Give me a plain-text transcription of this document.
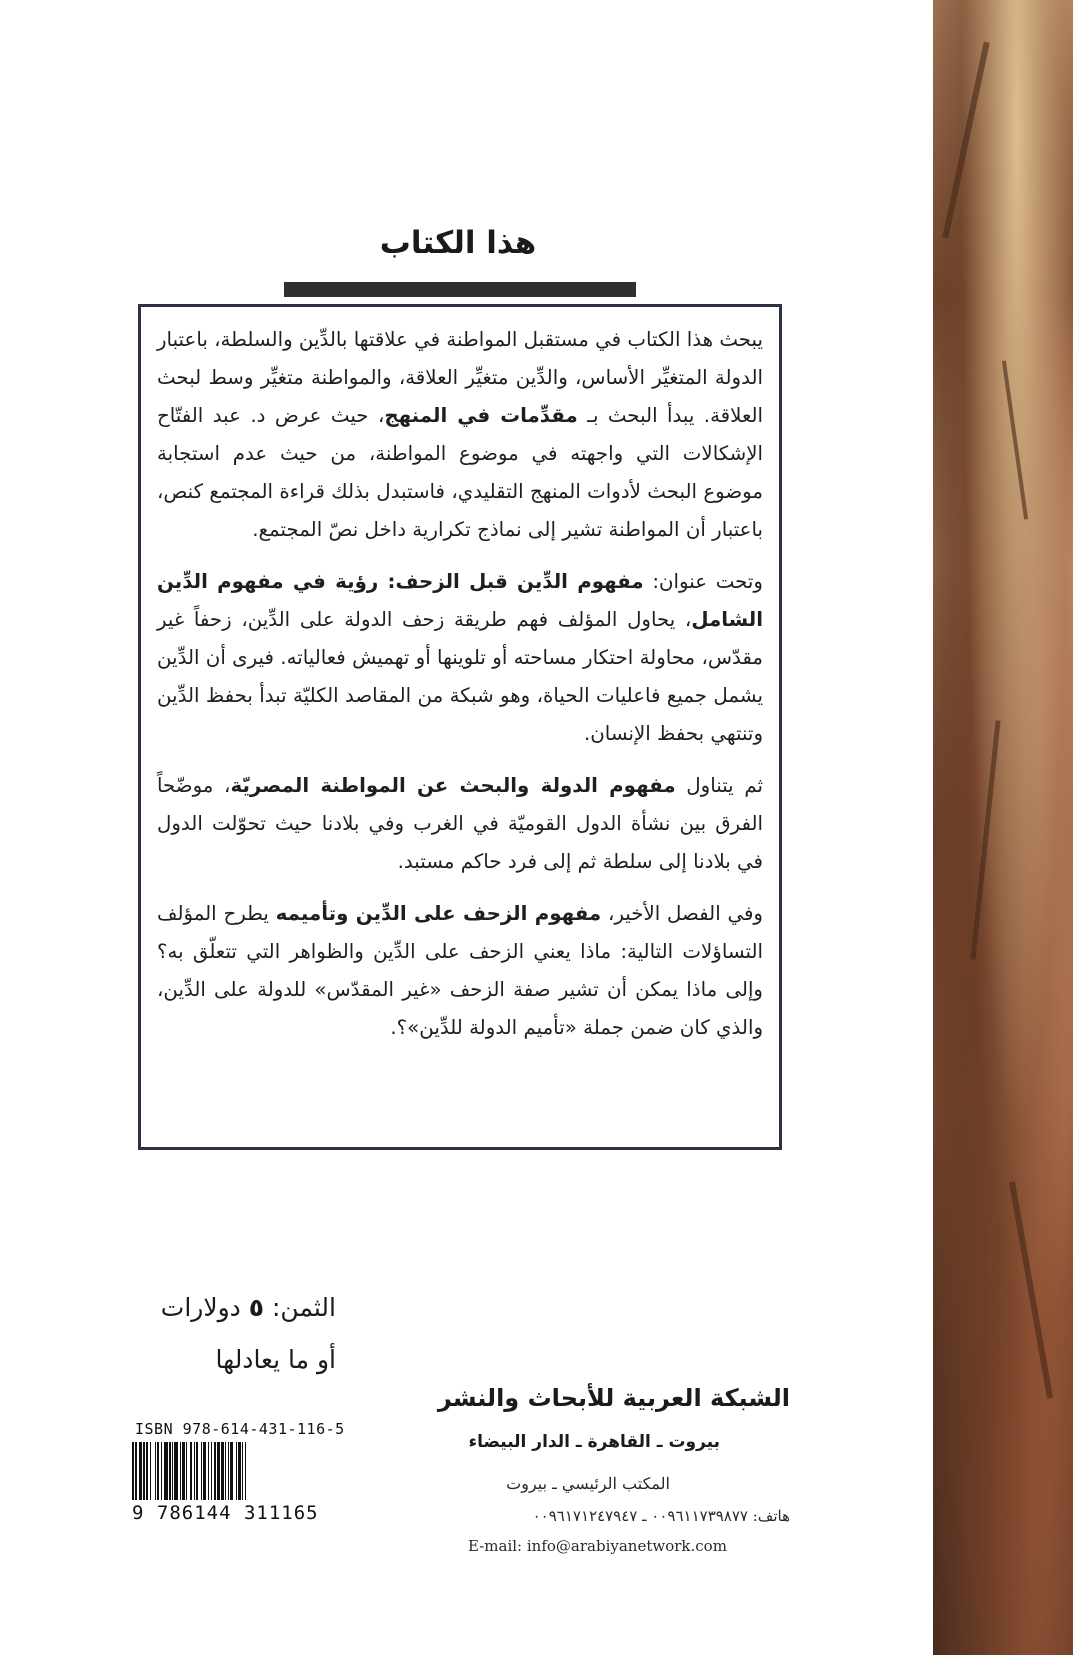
هذا الكتاب

يبحث هذا الكتاب في مستقبل المواطنة في علاقتها بالدِّين والسلطة، باعتبار الدولة المتغيِّر الأساس، والدِّين متغيِّر العلاقة، والمواطنة متغيِّر وسط لبحث العلاقة. يبدأ البحث بـ مقدِّمات في المنهج، حيث عرض د. عبد الفتّاح الإشكالات التي واجهته في موضوع المواطنة، من حيث عدم استجابة موضوع البحث لأدوات المنهج التقليدي، فاستبدل بذلك قراءة المجتمع كنص، باعتبار أن المواطنة تشير إلى نماذج تكرارية داخل نصّ المجتمع.

وتحت عنوان: مفهوم الدِّين قبل الزحف: رؤية في مفهوم الدِّين الشامل، يحاول المؤلف فهم طريقة زحف الدولة على الدِّين، زحفاً غير مقدّس، محاولة احتكار مساحته أو تلوينها أو تهميش فعالياته. فيرى أن الدِّين يشمل جميع فاعليات الحياة، وهو شبكة من المقاصد الكليّة تبدأ بحفظ الدِّين وتنتهي بحفظ الإنسان.

ثم يتناول مفهوم الدولة والبحث عن المواطنة المصريّة، موضّحاً الفرق بين نشأة الدول القوميّة في الغرب وفي بلادنا حيث تحوّلت الدول في بلادنا إلى سلطة ثم إلى فرد حاكم مستبد.

وفي الفصل الأخير، مفهوم الزحف على الدِّين وتأميمه يطرح المؤلف التساؤلات التالية: ماذا يعني الزحف على الدِّين والظواهر التي تتعلّق به؟ وإلى ماذا يمكن أن تشير صفة الزحف «غير المقدّس» للدولة على الدِّين، والذي كان ضمن جملة «تأميم الدولة للدِّين»؟.

الثمن: ٥ دولارات
أو ما يعادلها
ISBN 978-614-431-116-5
9 786144 311165
الشبكة العربية للأبحاث والنشر
بيروت ـ القاهرة ـ الدار البيضاء
المكتب الرئيسي ـ بيروت
هاتف: ٠٠٩٦١١٧٣٩٨٧٧ ـ ٠٠٩٦١٧١٢٤٧٩٤٧
E-mail: info@arabiyanetwork.com
